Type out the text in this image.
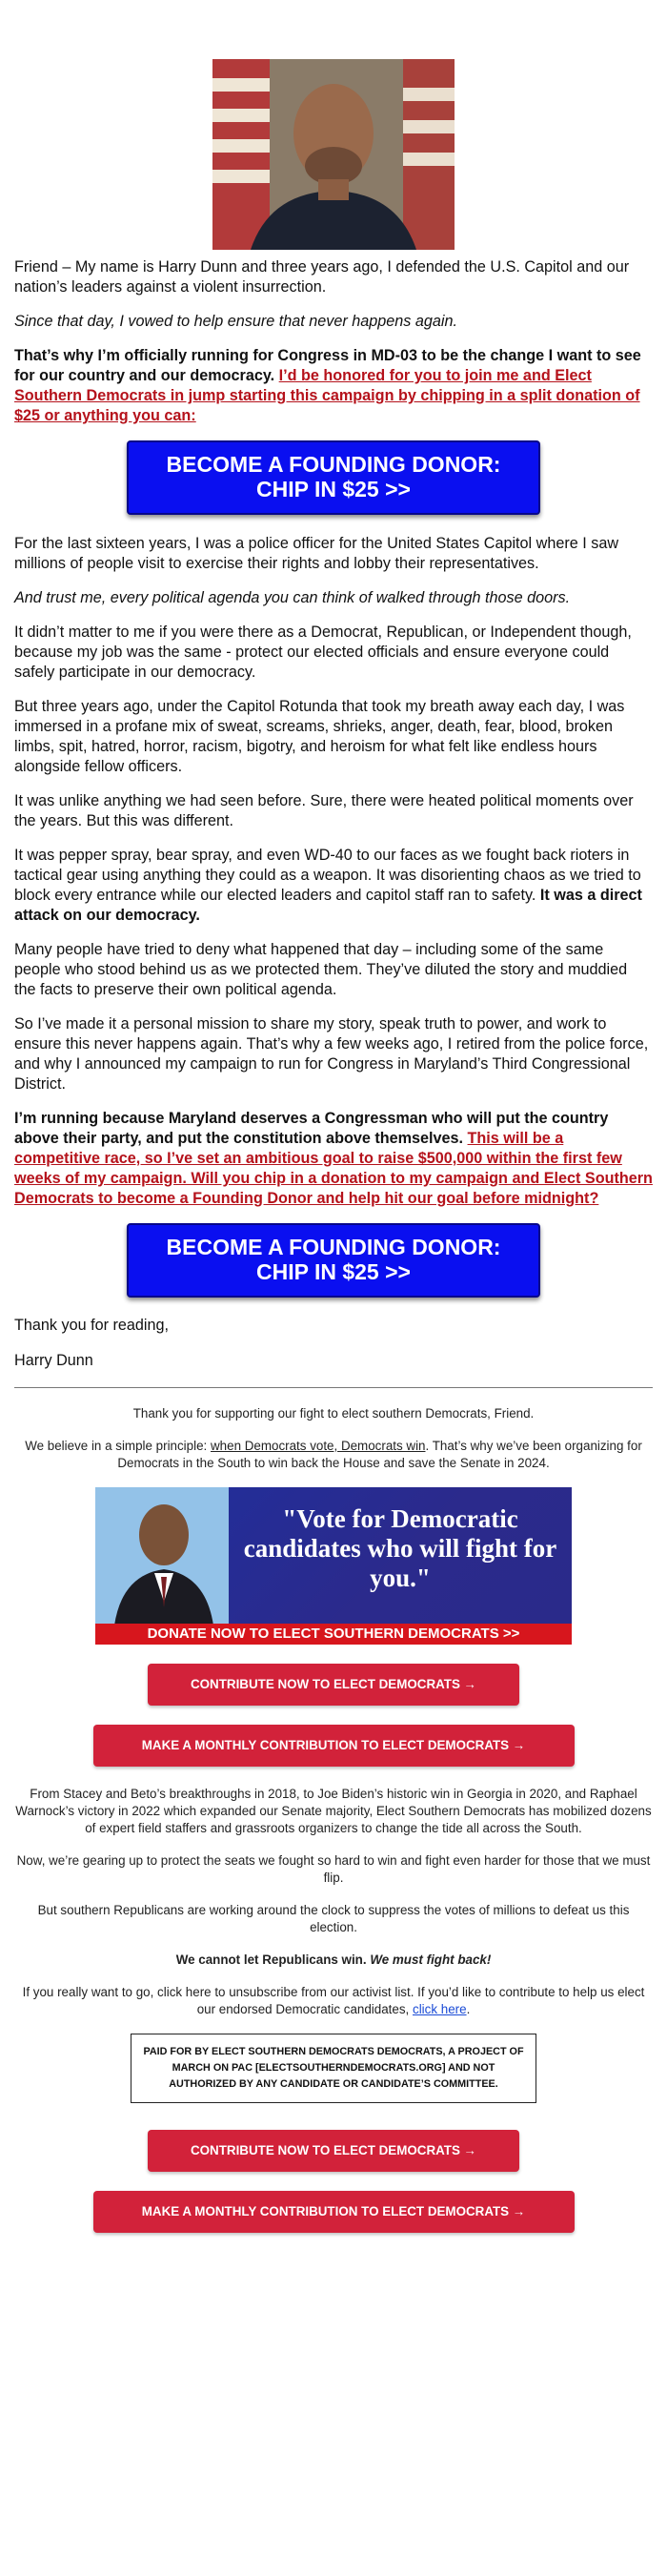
Friend – My name is Harry Dunn and three years ago, I defended the U.S. Capitol and our nation’s leaders against a violent insurrection.

Since that day, I vowed to help ensure that never happens again.

That’s why I’m officially running for Congress in MD-03 to be the change I want to see for our country and our democracy. I’d be honored for you to join me and Elect Southern Democrats in jump starting this campaign by chipping in a split donation of $25 or anything you can:

BECOME A FOUNDING DONOR:
CHIP IN $25 >>

For the last sixteen years, I was a police officer for the United States Capitol where I saw millions of people visit to exercise their rights and lobby their representatives.

And trust me, every political agenda you can think of walked through those doors.

It didn’t matter to me if you were there as a Democrat, Republican, or Independent though, because my job was the same - protect our elected officials and ensure everyone could safely participate in our democracy.

But three years ago, under the Capitol Rotunda that took my breath away each day, I was immersed in a profane mix of sweat, screams, shrieks, anger, death, fear, blood, broken limbs, spit, hatred, horror, racism, bigotry, and heroism for what felt like endless hours alongside fellow officers.

It was unlike anything we had seen before. Sure, there were heated political moments over the years. But this was different.

It was pepper spray, bear spray, and even WD-40 to our faces as we fought back rioters in tactical gear using anything they could as a weapon. It was disorienting chaos as we tried to block every entrance while our elected leaders and capitol staff ran to safety. It was a direct attack on our democracy.

Many people have tried to deny what happened that day – including some of the same people who stood behind us as we protected them. They’ve diluted the story and muddied the facts to preserve their own political agenda.

So I’ve made it a personal mission to share my story, speak truth to power, and work to ensure this never happens again. That’s why a few weeks ago, I retired from the police force, and why I announced my campaign to run for Congress in Maryland’s Third Congressional District.

I’m running because Maryland deserves a Congressman who will put the country above their party, and put the constitution above themselves. This will be a competitive race, so I’ve set an ambitious goal to raise $500,000 within the first few weeks of my campaign. Will you chip in a donation to my campaign and Elect Southern Democrats to become a Founding Donor and help hit our goal before midnight?

BECOME A FOUNDING DONOR:
CHIP IN $25 >>

Thank you for reading,

Harry Dunn

Thank you for supporting our fight to elect southern Democrats, Friend.

We believe in a simple principle: when Democrats vote, Democrats win. That’s why we’ve been organizing for Democrats in the South to win back the House and save the Senate in 2024.

"Vote for Democratic candidates who will fight for you."
DONATE NOW TO ELECT SOUTHERN DEMOCRATS >>
CONTRIBUTE NOW TO ELECT DEMOCRATS →
MAKE A MONTHLY CONTRIBUTION TO ELECT DEMOCRATS →

From Stacey and Beto’s breakthroughs in 2018, to Joe Biden’s historic win in Georgia in 2020, and Raphael Warnock’s victory in 2022 which expanded our Senate majority, Elect Southern Democrats has mobilized dozens of expert field staffers and grassroots organizers to change the tide all across the South.

Now, we’re gearing up to protect the seats we fought so hard to win and fight even harder for those that we must flip.

But southern Republicans are working around the clock to suppress the votes of millions to defeat us this election.

We cannot let Republicans win. We must fight back!

If you really want to go, click here to unsubscribe from our activist list. If you’d like to contribute to help us elect our endorsed Democratic candidates, click here.

PAID FOR BY ELECT SOUTHERN DEMOCRATS DEMOCRATS, A PROJECT OF MARCH ON PAC [ELECTSOUTHERNDEMOCRATS.ORG] AND NOT AUTHORIZED BY ANY CANDIDATE OR CANDIDATE’S COMMITTEE.
CONTRIBUTE NOW TO ELECT DEMOCRATS →
MAKE A MONTHLY CONTRIBUTION TO ELECT DEMOCRATS →
